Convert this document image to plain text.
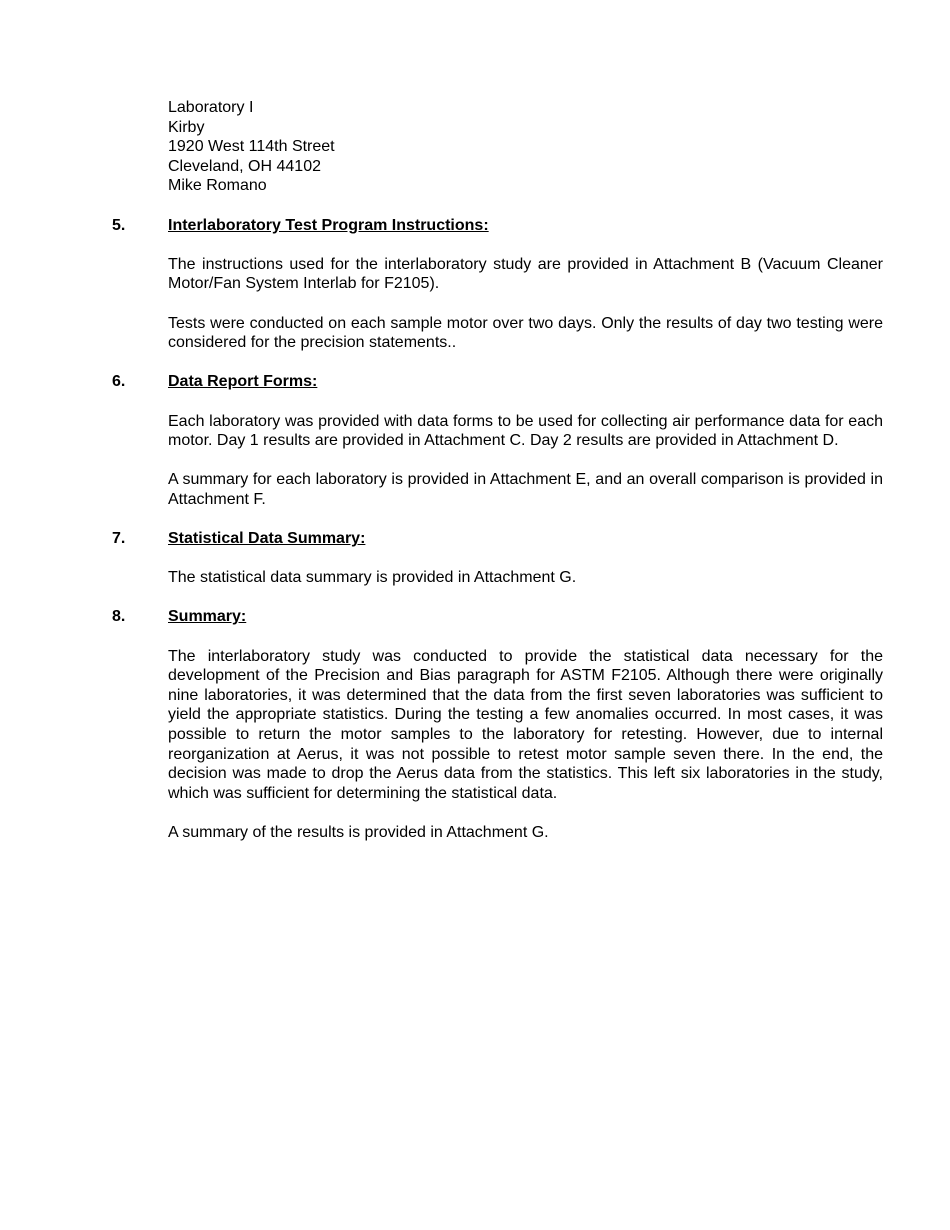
Laboratory I
Kirby
1920 West 114th Street
Cleveland, OH 44102
Mike Romano
5.	Interlaboratory Test Program Instructions:
The instructions used for the interlaboratory study are provided in Attachment B (Vacuum Cleaner Motor/Fan System Interlab for F2105).
Tests were conducted on each sample motor over two days. Only the results of day two testing were considered for the precision statements..
6.	Data Report Forms:
Each laboratory was provided with data forms to be used for collecting air performance data for each motor. Day 1 results are provided in Attachment C. Day 2 results are provided in Attachment D.
A summary for each laboratory is provided in Attachment E, and an overall comparison is provided in Attachment F.
7.	Statistical Data Summary:
The statistical data summary is provided in Attachment G.
8.	Summary:
The interlaboratory study was conducted to provide the statistical data necessary for the development of the Precision and Bias paragraph for ASTM F2105. Although there were originally nine laboratories, it was determined that the data from the first seven laboratories was sufficient to yield the appropriate statistics. During the testing a few anomalies occurred. In most cases, it was possible to return the motor samples to the laboratory for retesting. However, due to internal reorganization at Aerus, it was not possible to retest motor sample seven there. In the end, the decision was made to drop the Aerus data from the statistics. This left six laboratories in the study, which was sufficient for determining the statistical data.
A summary of the results is provided in Attachment G.
